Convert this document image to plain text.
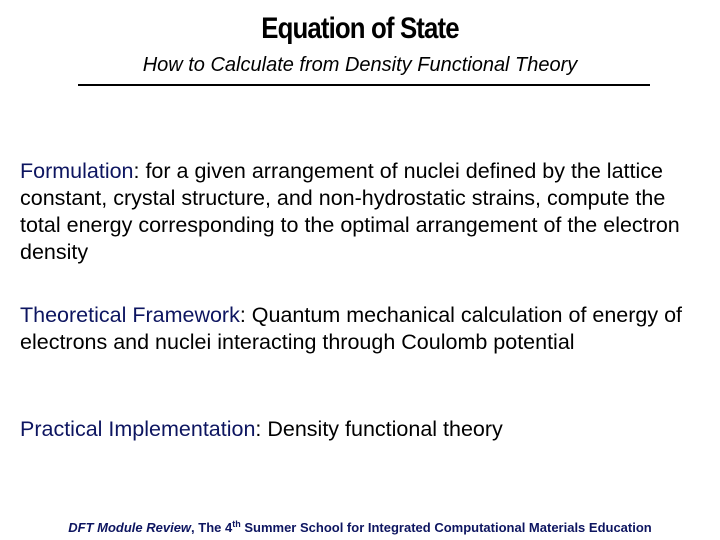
Equation of State
How to Calculate from Density Functional Theory
Formulation: for a given arrangement of nuclei defined by the lattice constant, crystal structure, and non-hydrostatic strains, compute the total energy corresponding to the optimal arrangement of the electron density
Theoretical Framework: Quantum mechanical calculation of energy of electrons and nuclei interacting through Coulomb potential
Practical Implementation: Density functional theory
DFT Module Review, The 4th Summer School for Integrated Computational Materials Education
